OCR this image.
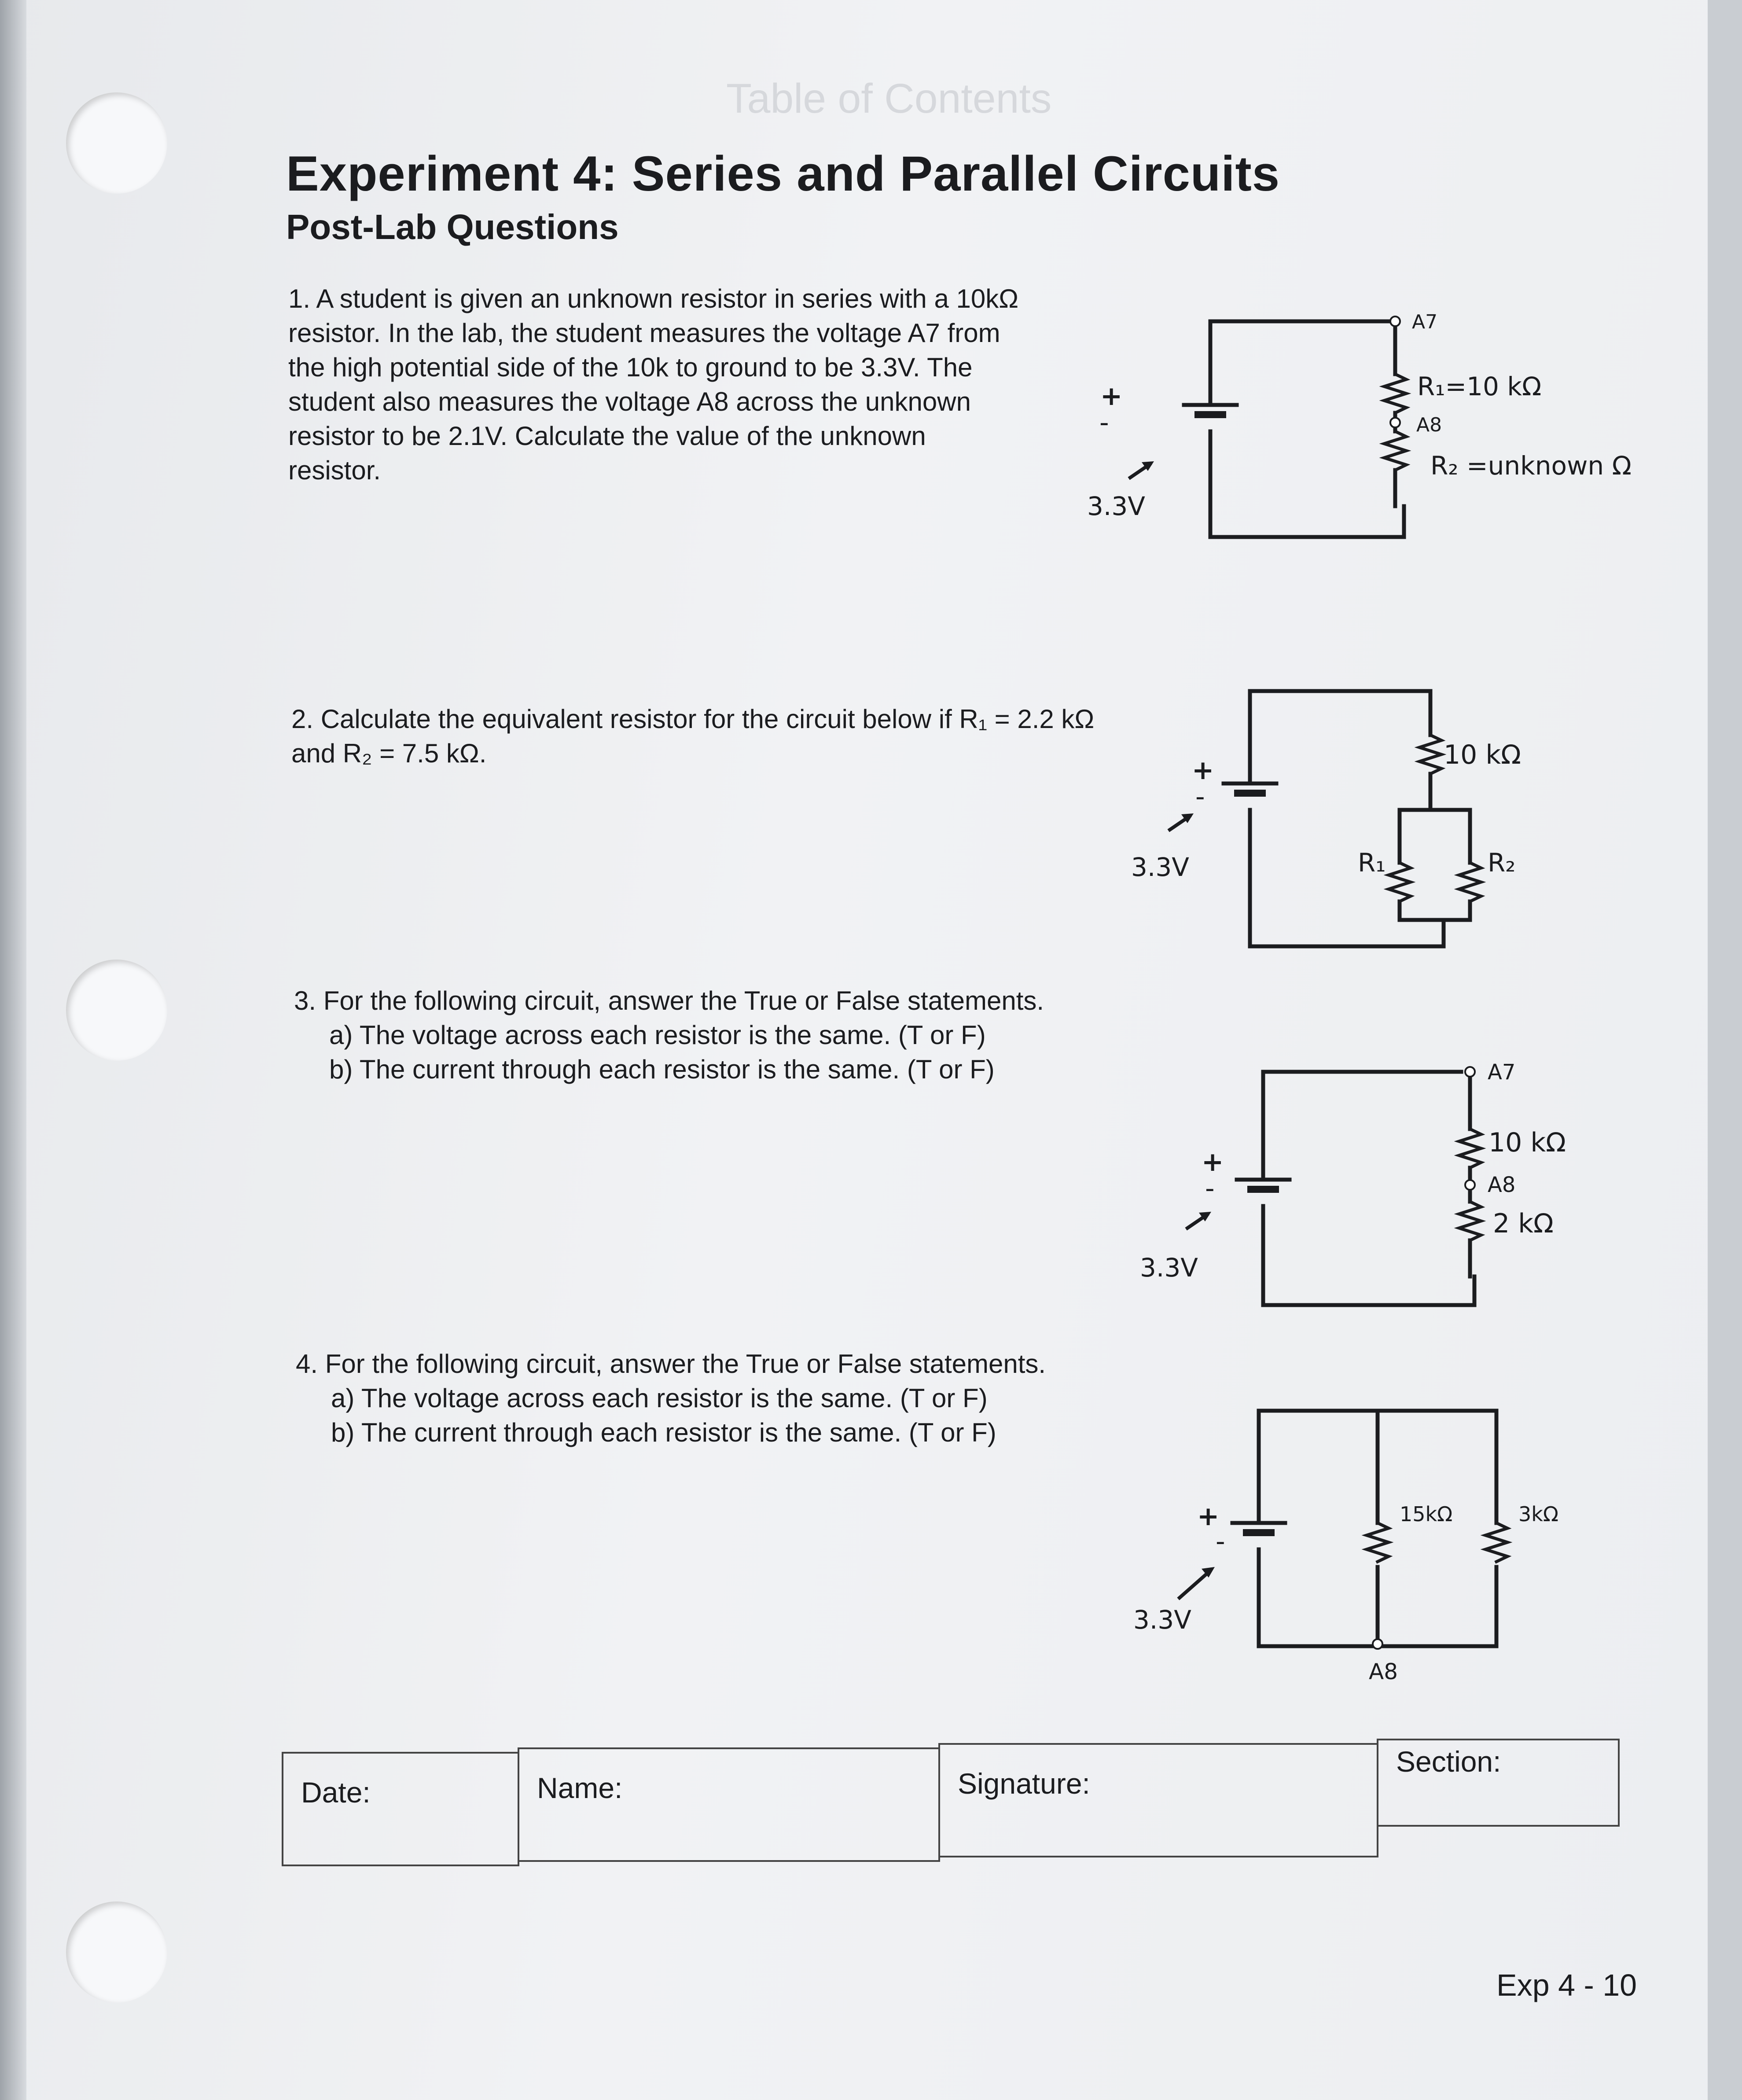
Table of Contents
Experiment 4: Series and Parallel Circuits
Post-Lab Questions
1. A student is given an unknown resistor in series with a 10kΩ
resistor. In the lab, the student measures the voltage A7 from
the high potential side of the 10k to ground to be 3.3V. The
student also measures the voltage A8 across the unknown
resistor to be 2.1V. Calculate the value of the unknown
resistor.
+
-
3.3V
A7
R₁=10 kΩ
A8
R₂ =unknown Ω
2. Calculate the equivalent resistor for the circuit below if R₁ = 2.2 kΩ
and R₂ = 7.5 kΩ.
+
-
3.3V
10 kΩ
R₁	R₂
3. For the following circuit, answer the True or False statements.
a) The voltage across each resistor is the same. (T or F)
b) The current through each resistor is the same. (T or F)
+
-
3.3V
A7
10 kΩ
A8
2 kΩ
4. For the following circuit, answer the True or False statements.
a) The voltage across each resistor is the same. (T or F)
b) The current through each resistor is the same. (T or F)
+
-
3.3V
15kΩ	3kΩ
A8
Date:	Name:	Signature:
Section:
Exp 4 - 10
